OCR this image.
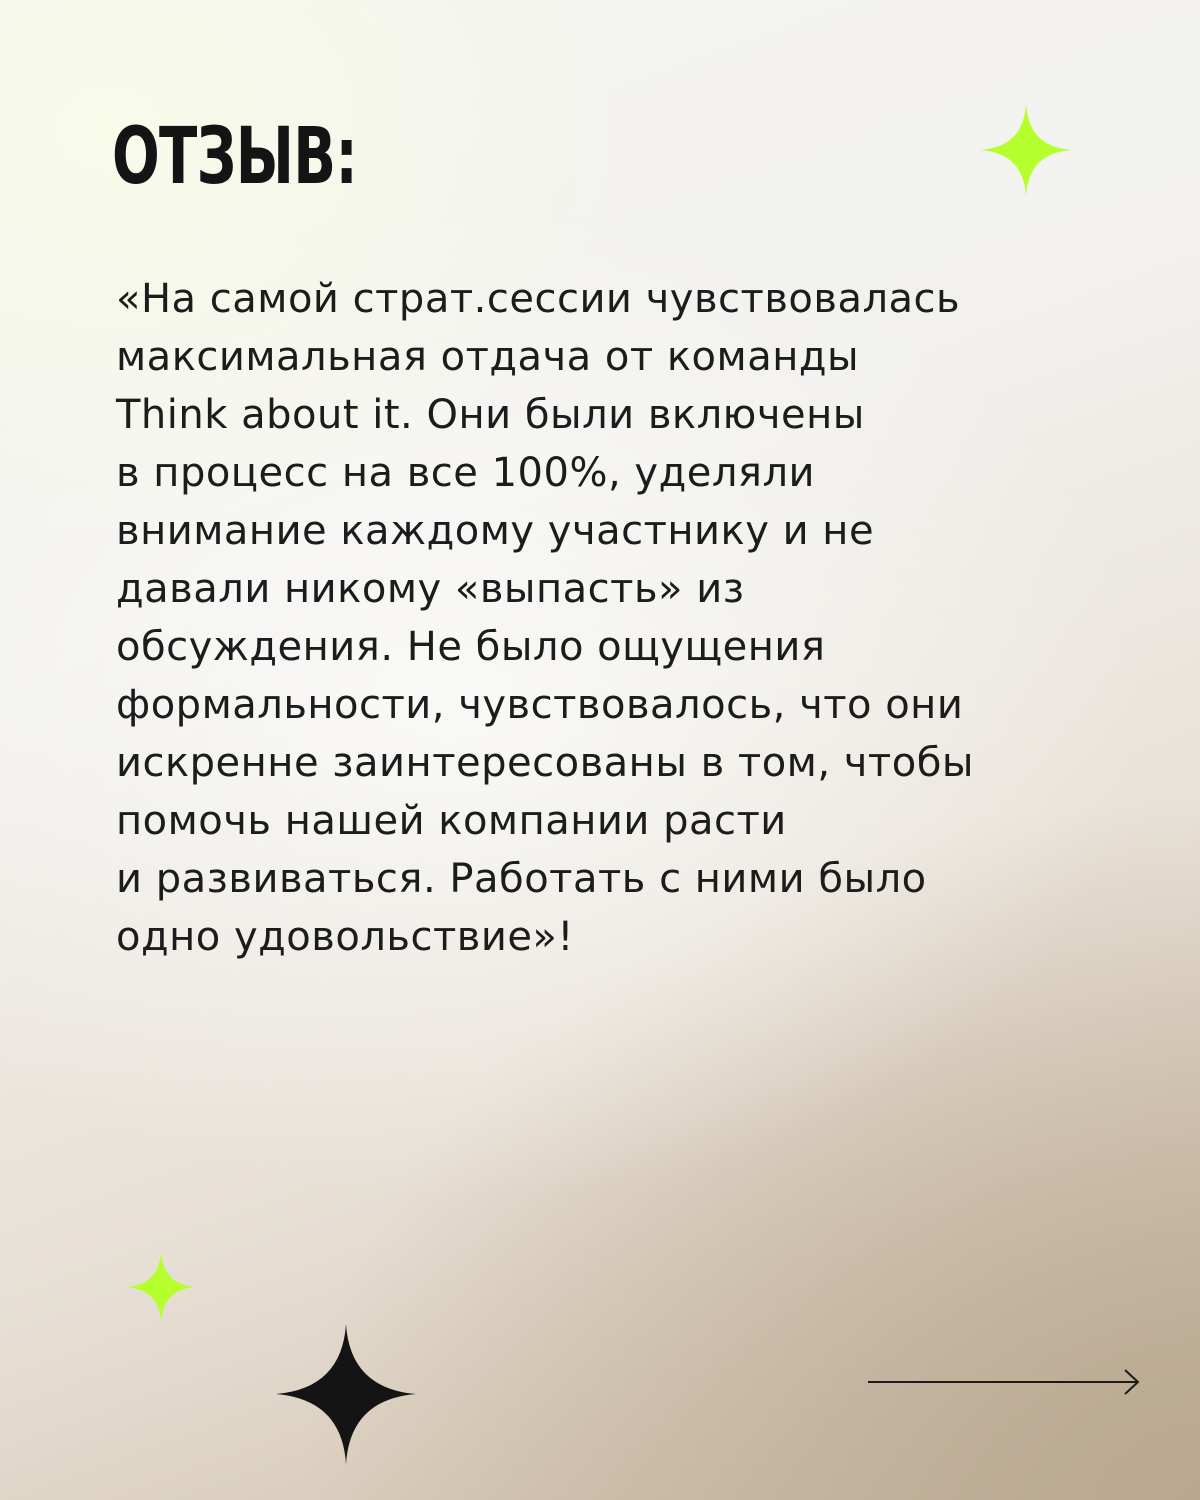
ОТЗЫВ:
«На самой страт.сессии чувствовалась
максимальная отдача от команды
Think about it. Они были включены
в процесс на все 100%, уделяли
внимание каждому участнику и не
давали никому «выпасть» из
обсуждения. Не было ощущения
формальности, чувствовалось, что они
искренне заинтересованы в том, чтобы
помочь нашей компании расти
и развиваться. Работать с ними было
одно удовольствие»!
